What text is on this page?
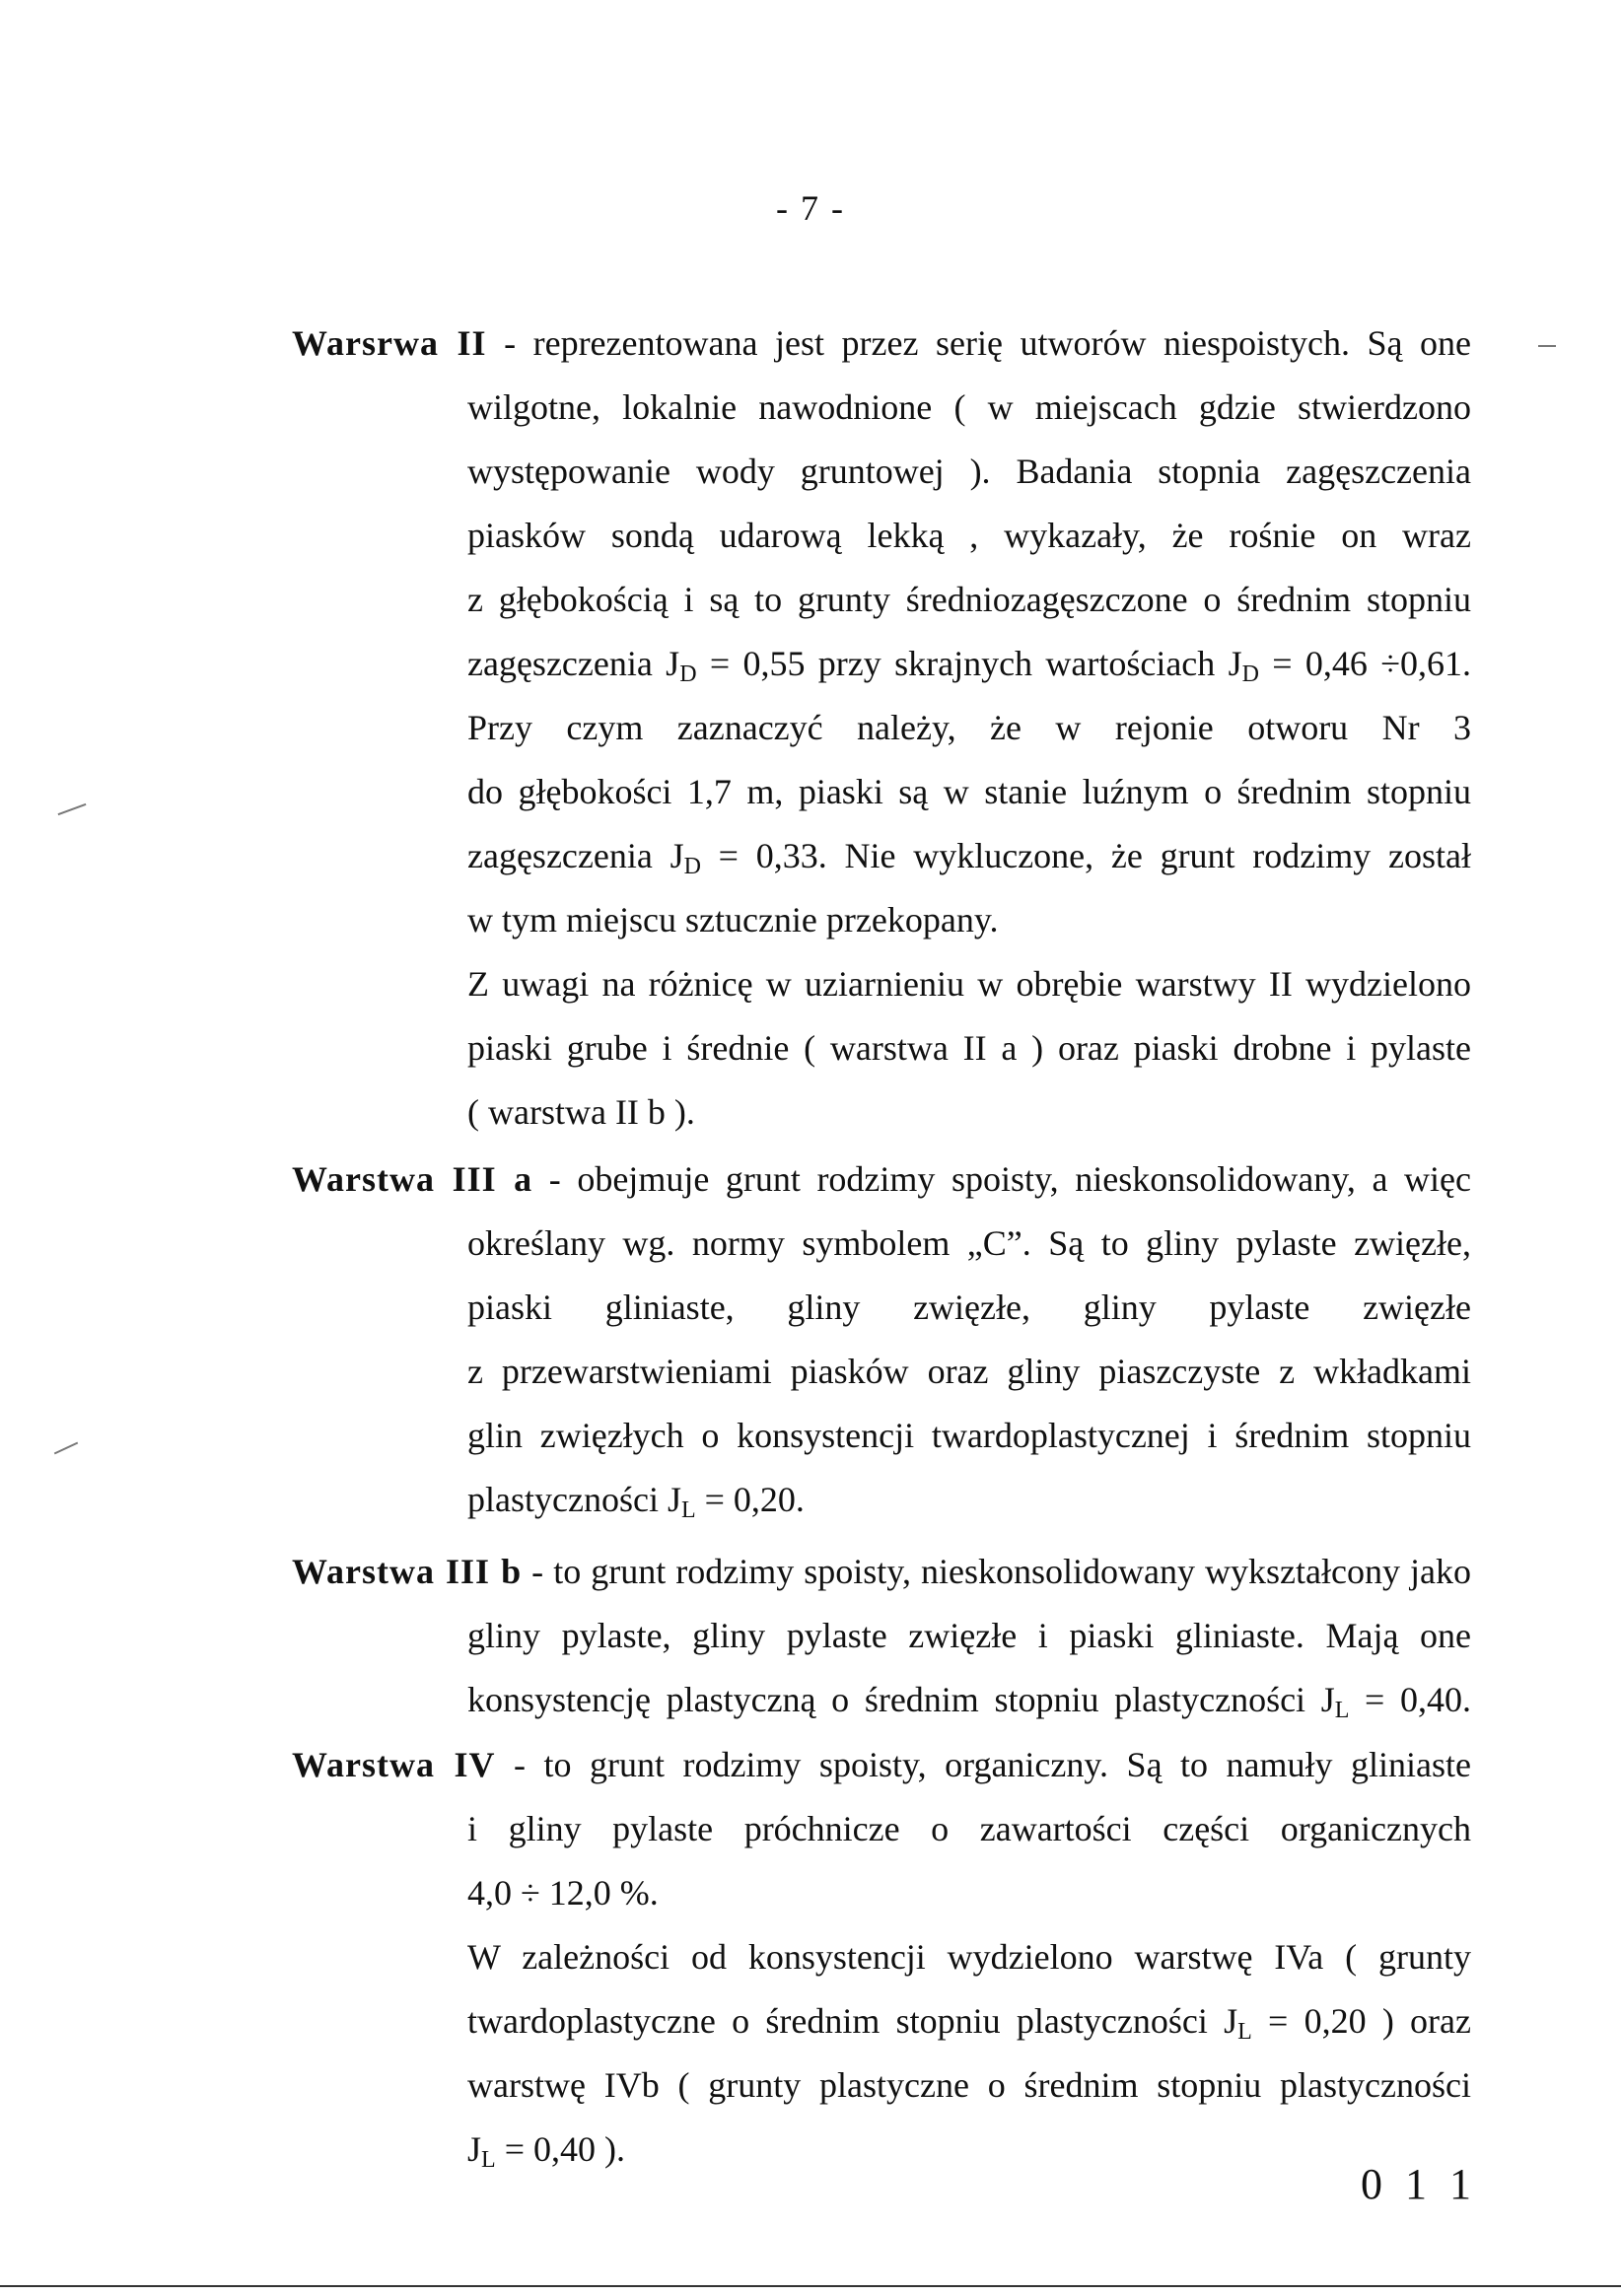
- 7 -
Warsrwa II - reprezentowana jest przez serię utworów niespoistych. Są one
wilgotne, lokalnie nawodnione ( w miejscach gdzie stwierdzono
występowanie wody gruntowej ). Badania stopnia zagęszczenia
piasków sondą udarową lekką , wykazały, że rośnie on wraz
z głębokością i są to grunty średniozagęszczone o średnim stopniu
zagęszczenia $J_D = 0,55$ przy skrajnych wartościach $J_D = 0,46 \div 0,61$.
Przy czym zaznaczyć należy, że w rejonie otworu Nr 3
do głębokości 1,7 m, piaski są w stanie luźnym o średnim stopniu
zagęszczenia $J_D = 0,33$. Nie wykluczone, że grunt rodzimy został
w tym miejscu sztucznie przekopany.
Z uwagi na różnicę w uziarnieniu w obrębie warstwy II wydzielono
piaski grube i średnie ( warstwa II a ) oraz piaski drobne i pylaste
( warstwa II b ).
Warstwa III a - obejmuje grunt rodzimy spoisty, nieskonsolidowany, a więc
określany wg. normy symbolem „C”. Są to gliny pylaste zwięzłe,
piaski gliniaste, gliny zwięzłe, gliny pylaste zwięzłe
z przewarstwieniami piasków oraz gliny piaszczyste z wkładkami
glin zwięzłych o konsystencji twardoplastycznej i średnim stopniu
plastyczności $J_L = 0,20$.
Warstwa III b - to grunt rodzimy spoisty, nieskonsolidowany wykształcony jako
gliny pylaste, gliny pylaste zwięzłe i piaski gliniaste. Mają one
konsystencję plastyczną o średnim stopniu plastyczności $J_L = 0,40$.
Warstwa IV - to grunt rodzimy spoisty, organiczny. Są to namuły gliniaste
i gliny pylaste próchnicze o zawartości części organicznych
4,0 ÷ 12,0 %.
W zależności od konsystencji wydzielono warstwę IVa ( grunty
twardoplastyczne o średnim stopniu plastyczności $J_L = 0,20$ ) oraz
warstwę IVb ( grunty plastyczne o średnim stopniu plastyczności
$J_L = 0,40$ ).
0 1 1
